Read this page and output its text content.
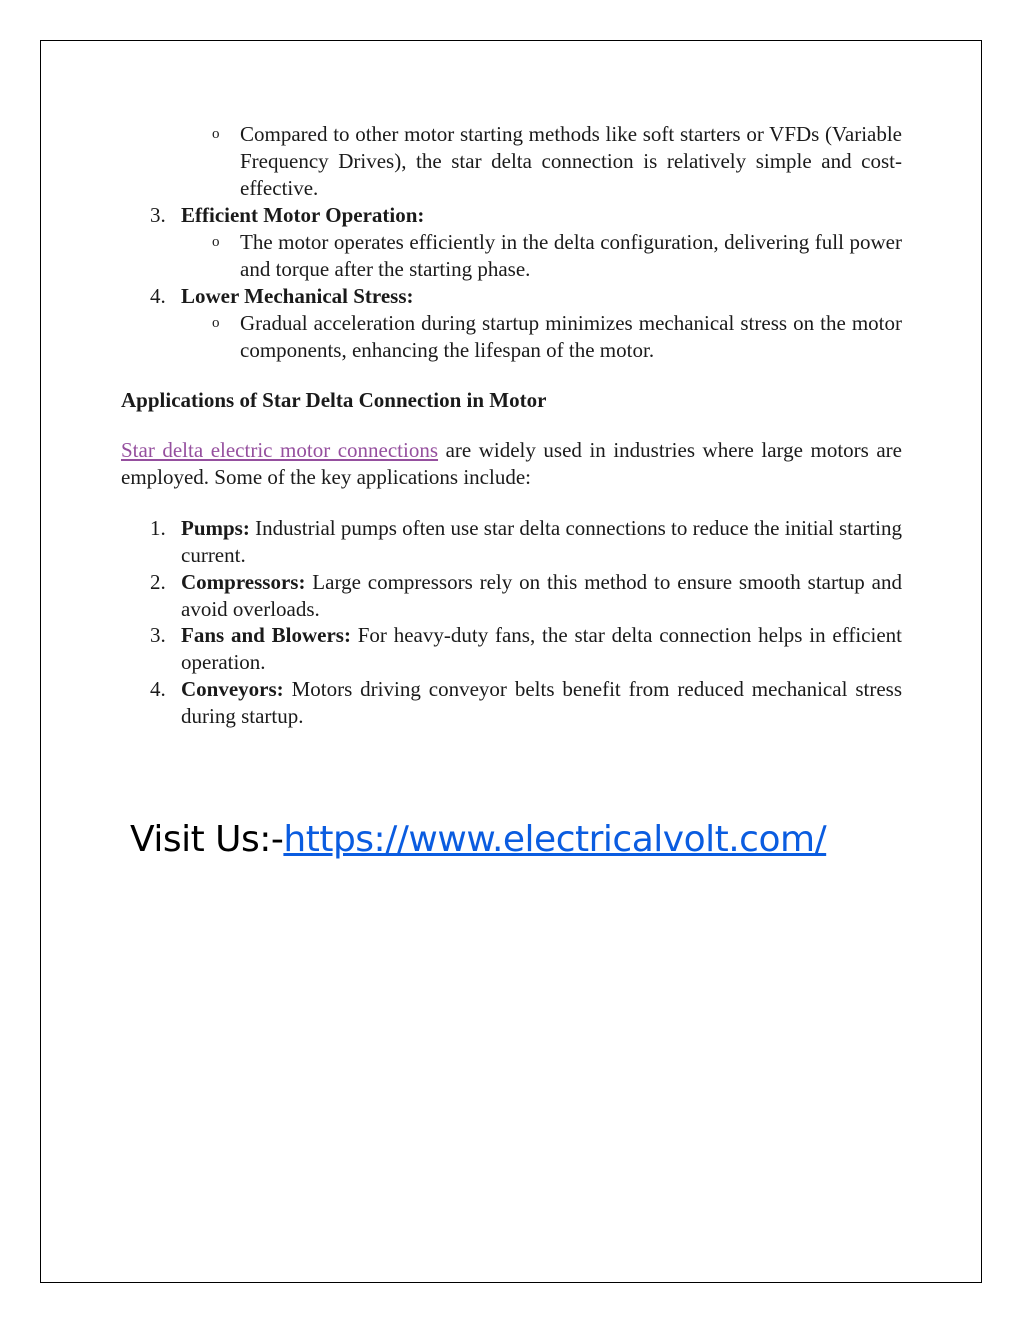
o Compared to other motor starting methods like soft starters or VFDs (Variable Frequency Drives), the star delta connection is relatively simple and cost-effective.
3. Efficient Motor Operation:
o The motor operates efficiently in the delta configuration, delivering full power and torque after the starting phase.
4. Lower Mechanical Stress:
o Gradual acceleration during startup minimizes mechanical stress on the motor components, enhancing the lifespan of the motor.
Applications of Star Delta Connection in Motor
Star delta electric motor connections are widely used in industries where large motors are employed. Some of the key applications include:
1. Pumps: Industrial pumps often use star delta connections to reduce the initial starting current.
2. Compressors: Large compressors rely on this method to ensure smooth startup and avoid overloads.
3. Fans and Blowers: For heavy-duty fans, the star delta connection helps in efficient operation.
4. Conveyors: Motors driving conveyor belts benefit from reduced mechanical stress during startup.
Visit Us:-https://www.electricalvolt.com/
